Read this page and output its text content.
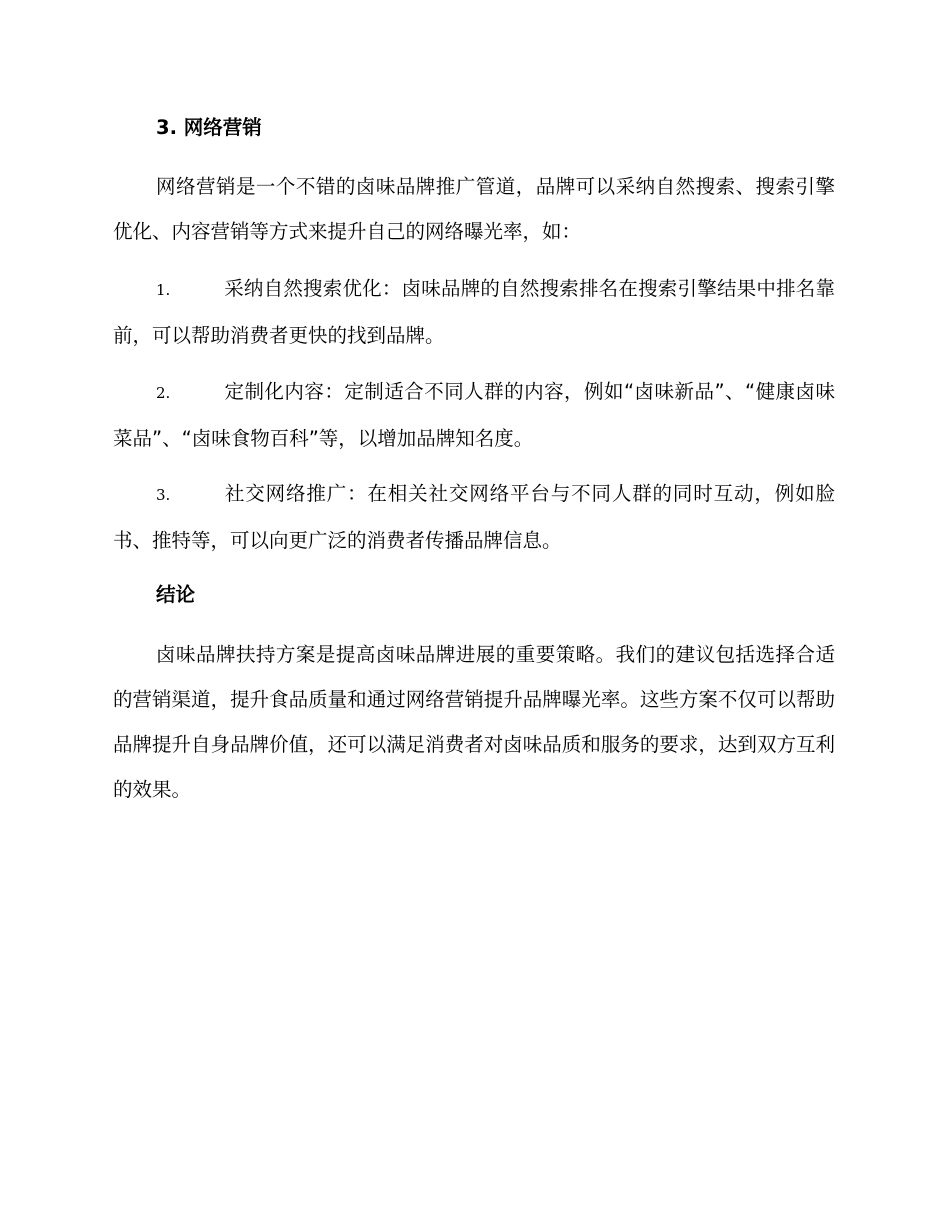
3. 网络营销

网络营销是一个不错的卤味品牌推广管道，品牌可以采纳自然搜索、搜索引擎优化、内容营销等方式来提升自己的网络曝光率，如：

1.	采纳自然搜索优化：卤味品牌的自然搜索排名在搜索引擎结果中排名靠前，可以帮助消费者更快的找到品牌。

2.	定制化内容：定制适合不同人群的内容，例如“卤味新品”、“健康卤味菜品”、“卤味食物百科”等，以增加品牌知名度。

3.	社交网络推广：在相关社交网络平台与不同人群的同时互动，例如脸书、推特等，可以向更广泛的消费者传播品牌信息。

结论

卤味品牌扶持方案是提高卤味品牌进展的重要策略。我们的建议包括选择合适的营销渠道，提升食品质量和通过网络营销提升品牌曝光率。这些方案不仅可以帮助品牌提升自身品牌价值，还可以满足消费者对卤味品质和服务的要求，达到双方互利的效果。
